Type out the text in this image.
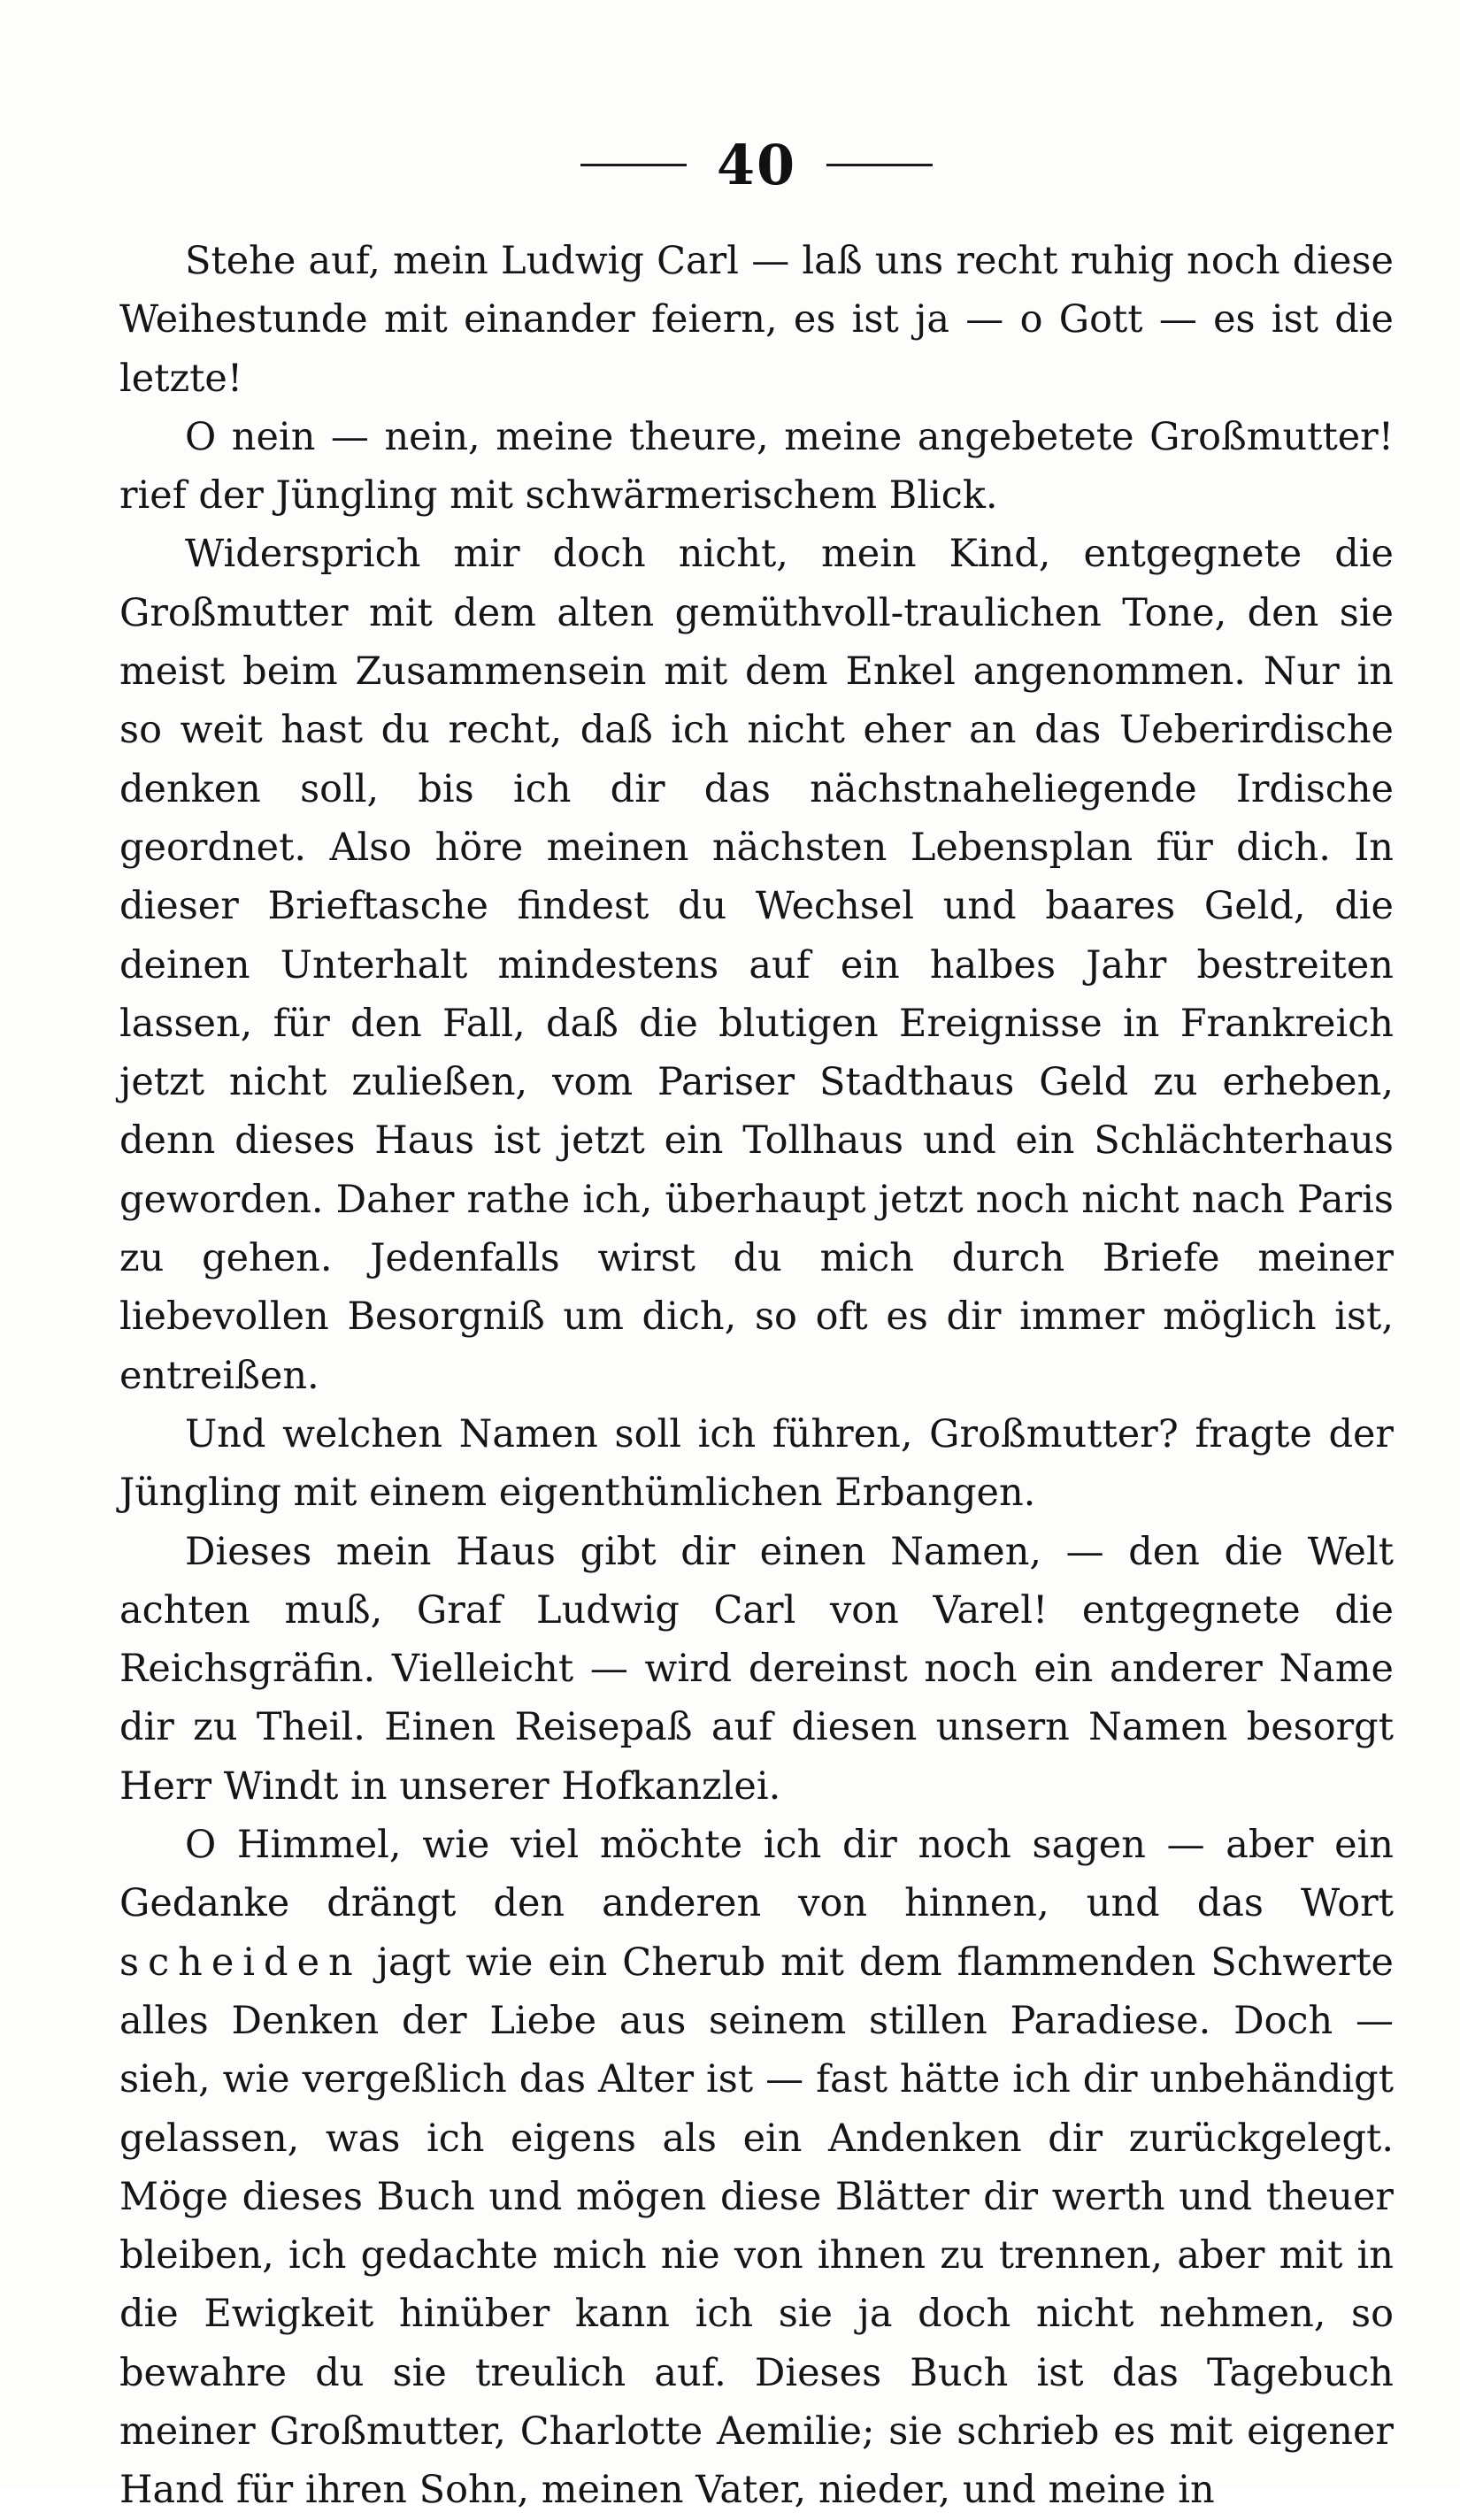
40

Stehe auf, mein Ludwig Carl — laß uns recht ruhig noch diese Weihestunde mit einander feiern, es ist ja — o Gott — es ist die letzte!

O nein — nein, meine theure, meine angebetete Großmutter! rief der Jüngling mit schwärmerischem Blick.

Widersprich mir doch nicht, mein Kind, entgegnete die Großmutter mit dem alten gemüthvoll-traulichen Tone, den sie meist beim Zusammensein mit dem Enkel angenommen. Nur in so weit hast du recht, daß ich nicht eher an das Ueberirdische denken soll, bis ich dir das nächstnaheliegende Irdische geordnet. Also höre meinen nächsten Lebensplan für dich. In dieser Brieftasche findest du Wechsel und baares Geld, die deinen Unterhalt mindestens auf ein halbes Jahr bestreiten lassen, für den Fall, daß die blutigen Ereignisse in Frankreich jetzt nicht zuließen, vom Pariser Stadthaus Geld zu erheben, denn dieses Haus ist jetzt ein Tollhaus und ein Schlächterhaus geworden. Daher rathe ich, überhaupt jetzt noch nicht nach Paris zu gehen. Jedenfalls wirst du mich durch Briefe meiner liebevollen Besorgniß um dich, so oft es dir immer möglich ist, entreißen.

Und welchen Namen soll ich führen, Großmutter? fragte der Jüngling mit einem eigenthümlichen Erbangen.

Dieses mein Haus gibt dir einen Namen, — den die Welt achten muß, Graf Ludwig Carl von Varel! entgegnete die Reichsgräfin. Vielleicht — wird dereinst noch ein anderer Name dir zu Theil. Einen Reisepaß auf diesen unsern Namen besorgt Herr Windt in unserer Hofkanzlei.

O Himmel, wie viel möchte ich dir noch sagen — aber ein Gedanke drängt den anderen von hinnen, und das Wort scheiden jagt wie ein Cherub mit dem flammenden Schwerte alles Denken der Liebe aus seinem stillen Paradiese. Doch — sieh, wie vergeßlich das Alter ist — fast hätte ich dir unbehändigt gelassen, was ich eigens als ein Andenken dir zurückgelegt. Möge dieses Buch und mögen diese Blätter dir werth und theuer bleiben, ich gedachte mich nie von ihnen zu trennen, aber mit in die Ewigkeit hinüber kann ich sie ja doch nicht nehmen, so bewahre du sie treulich auf. Dieses Buch ist das Tagebuch meiner Großmutter, Charlotte Aemilie; sie schrieb es mit eigener Hand für ihren Sohn, meinen Vater, nieder, und meine in
